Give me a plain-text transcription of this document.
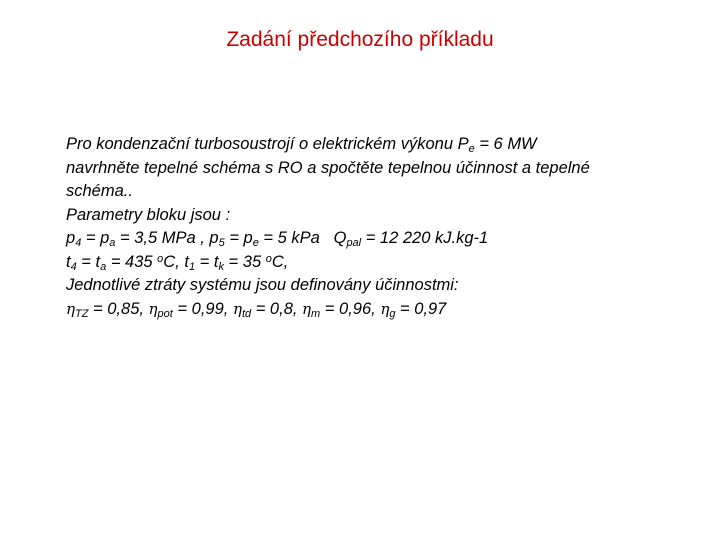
Zadání předchozího příkladu
Pro kondenzační turbosoustrojí o elektrickém výkonu $P_e = 6$ MW
navrhněte tepelné schéma s RO a spočtěte tepelnou účinnost a tepelné
schéma..
Parametry bloku jsou :
$p_4 = p_a = 3,5$ MPa , $p_5 = p_e = 5$ kPa   $Q_{pal} = 12$ 220 kJ.kg-1
$t_4 = t_a = 435$ $^o$C, $t_1 = t_k = 35$ $^o$C,
Jednotlivé ztráty systému jsou definovány účinnostmi:
$\eta_{TZ} = 0,85$, $\eta_{pot} = 0,99$, $\eta_{td} = 0,8$, $\eta_m = 0,96$, $\eta_g = 0,97$
